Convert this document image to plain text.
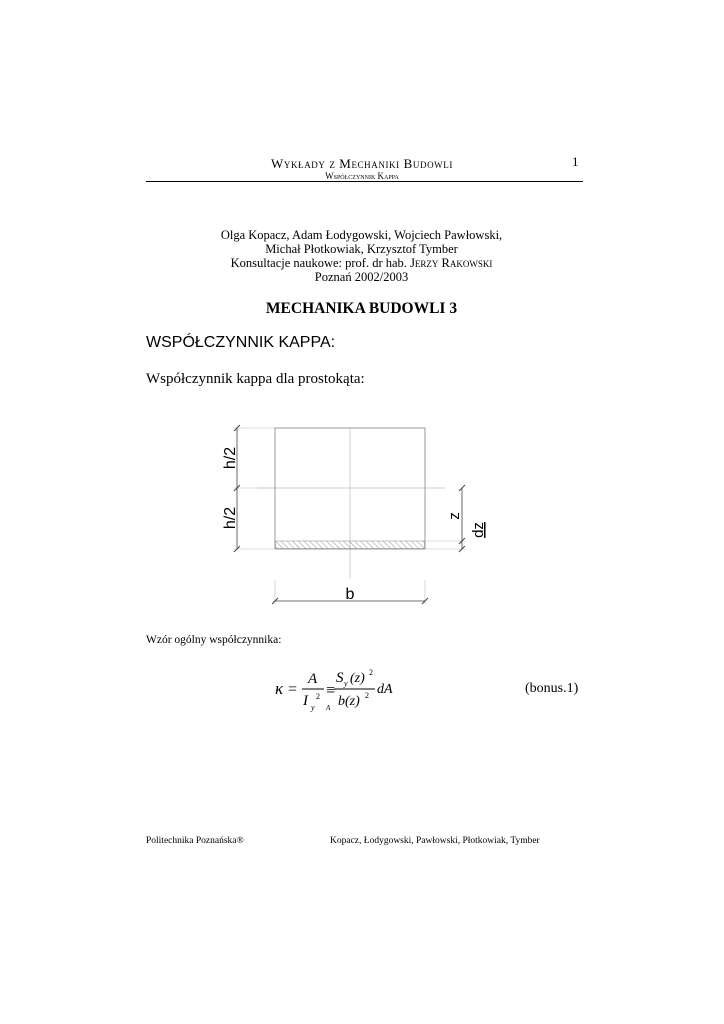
Wykłady z Mechaniki Budowli	1
Współczynnik Kappa
Olga Kopacz, Adam Łodygowski, Wojciech Pawłowski,
Michał Płotkowiak, Krzysztof Tymber
Konsultacje naukowe: prof. dr hab. Jerzy Rakowski
Poznań 2002/2003
MECHANIKA BUDOWLI 3
WSPÓŁCZYNNIK KAPPA:
Współczynnik kappa dla prostokąta:
h/2
h/2	z
dz
b
Wzór ogólny współczynnika:
κ =
A
I y
2 ≡
A
S y (z) 2
b(z) 2 dA	(bonus.1)
Politechnika Poznańska®	Kopacz, Łodygowski, Pawłowski, Płotkowiak, Tymber
